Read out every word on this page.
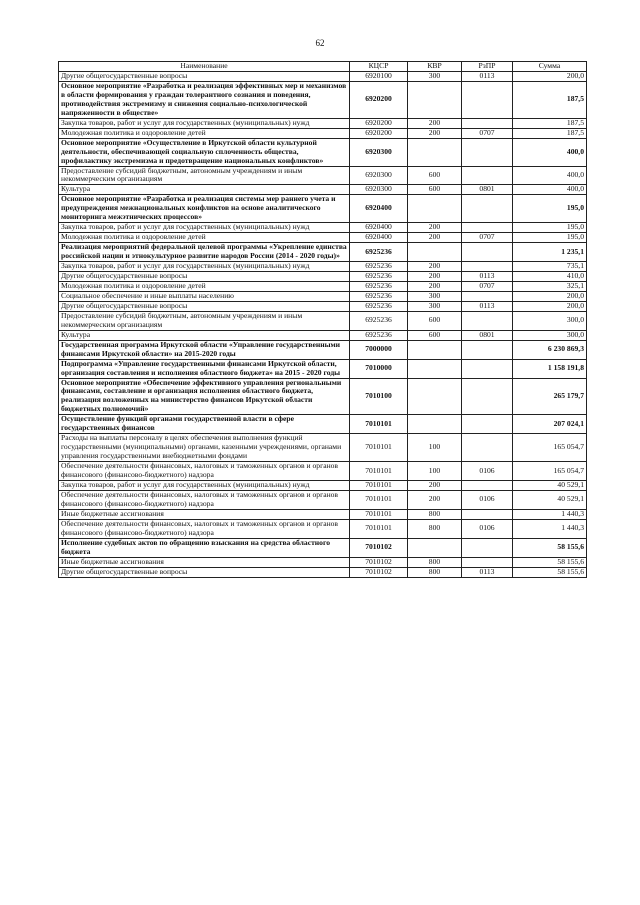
62
Наименование	КЦСР	КВР	РзПР	Сумма
Другие общегосударственные вопросы	6920100	300	0113	200,0
Основное мероприятие «Разработка и реализация эффективных мер и механизмов в области формирования у граждан толерантного сознания и поведения, противодействия экстремизму и снижения социально-психологической напряженности в обществе»	6920200			187,5
Закупка товаров, работ и услуг для государственных (муниципальных) нужд	6920200	200		187,5
Молодежная политика и оздоровление детей	6920200	200	0707	187,5
Основное мероприятие «Осуществление в Иркутской области культурной деятельности, обеспечивающей социальную сплоченность общества, профилактику экстремизма и предотвращение национальных конфликтов»	6920300			400,0
Предоставление субсидий бюджетным, автономным учреждениям и иным некоммерческим организациям	6920300	600		400,0
Культура	6920300	600	0801	400,0
Основное мероприятие «Разработка и реализация системы мер раннего учета и предупреждения межнациональных конфликтов на основе аналитического мониторинга межэтнических процессов»	6920400			195,0
Закупка товаров, работ и услуг для государственных (муниципальных) нужд	6920400	200		195,0
Молодежная политика и оздоровление детей	6920400	200	0707	195,0
Реализация мероприятий федеральной целевой программы «Укрепление единства российской нации и этнокультурное развитие народов России (2014 - 2020 годы)»	6925236			1 235,1
Закупка товаров, работ и услуг для государственных (муниципальных) нужд	6925236	200		735,1
Другие общегосударственные вопросы	6925236	200	0113	410,0
Молодежная политика и оздоровление детей	6925236	200	0707	325,1
Социальное обеспечение и иные выплаты населению	6925236	300		200,0
Другие общегосударственные вопросы	6925236	300	0113	200,0
Предоставление субсидий бюджетным, автономным учреждениям и иным некоммерческим организациям	6925236	600		300,0
Культура	6925236	600	0801	300,0
Государственная программа Иркутской области «Управление государственными финансами Иркутской области» на 2015-2020 годы	7000000			6 230 869,3
Подпрограмма «Управление государственными финансами Иркутской области, организация составления и исполнения областного бюджета» на 2015 - 2020 годы	7010000			1 158 191,8
Основное мероприятие «Обеспечение эффективного управления региональными финансами, составление и организация исполнения областного бюджета, реализация возложенных на министерство финансов Иркутской области бюджетных полномочий»	7010100			265 179,7
Осуществление функций органами государственной власти в сфере государственных финансов	7010101			207 024,1
Расходы на выплаты персоналу в целях обеспечения выполнения функций государственными (муниципальными) органами, казенными учреждениями, органами управления государственными внебюджетными фондами	7010101	100		165 054,7
Обеспечение деятельности финансовых, налоговых и таможенных органов и органов финансового (финансово-бюджетного) надзора	7010101	100	0106	165 054,7
Закупка товаров, работ и услуг для государственных (муниципальных) нужд	7010101	200		40 529,1
Обеспечение деятельности финансовых, налоговых и таможенных органов и органов финансового (финансово-бюджетного) надзора	7010101	200	0106	40 529,1
Иные бюджетные ассигнования	7010101	800		1 440,3
Обеспечение деятельности финансовых, налоговых и таможенных органов и органов финансового (финансово-бюджетного) надзора	7010101	800	0106	1 440,3
Исполнение судебных актов по обращению взыскания на средства областного бюджета	7010102			58 155,6
Иные бюджетные ассигнования	7010102	800		58 155,6
Другие общегосударственные вопросы	7010102	800	0113	58 155,6
